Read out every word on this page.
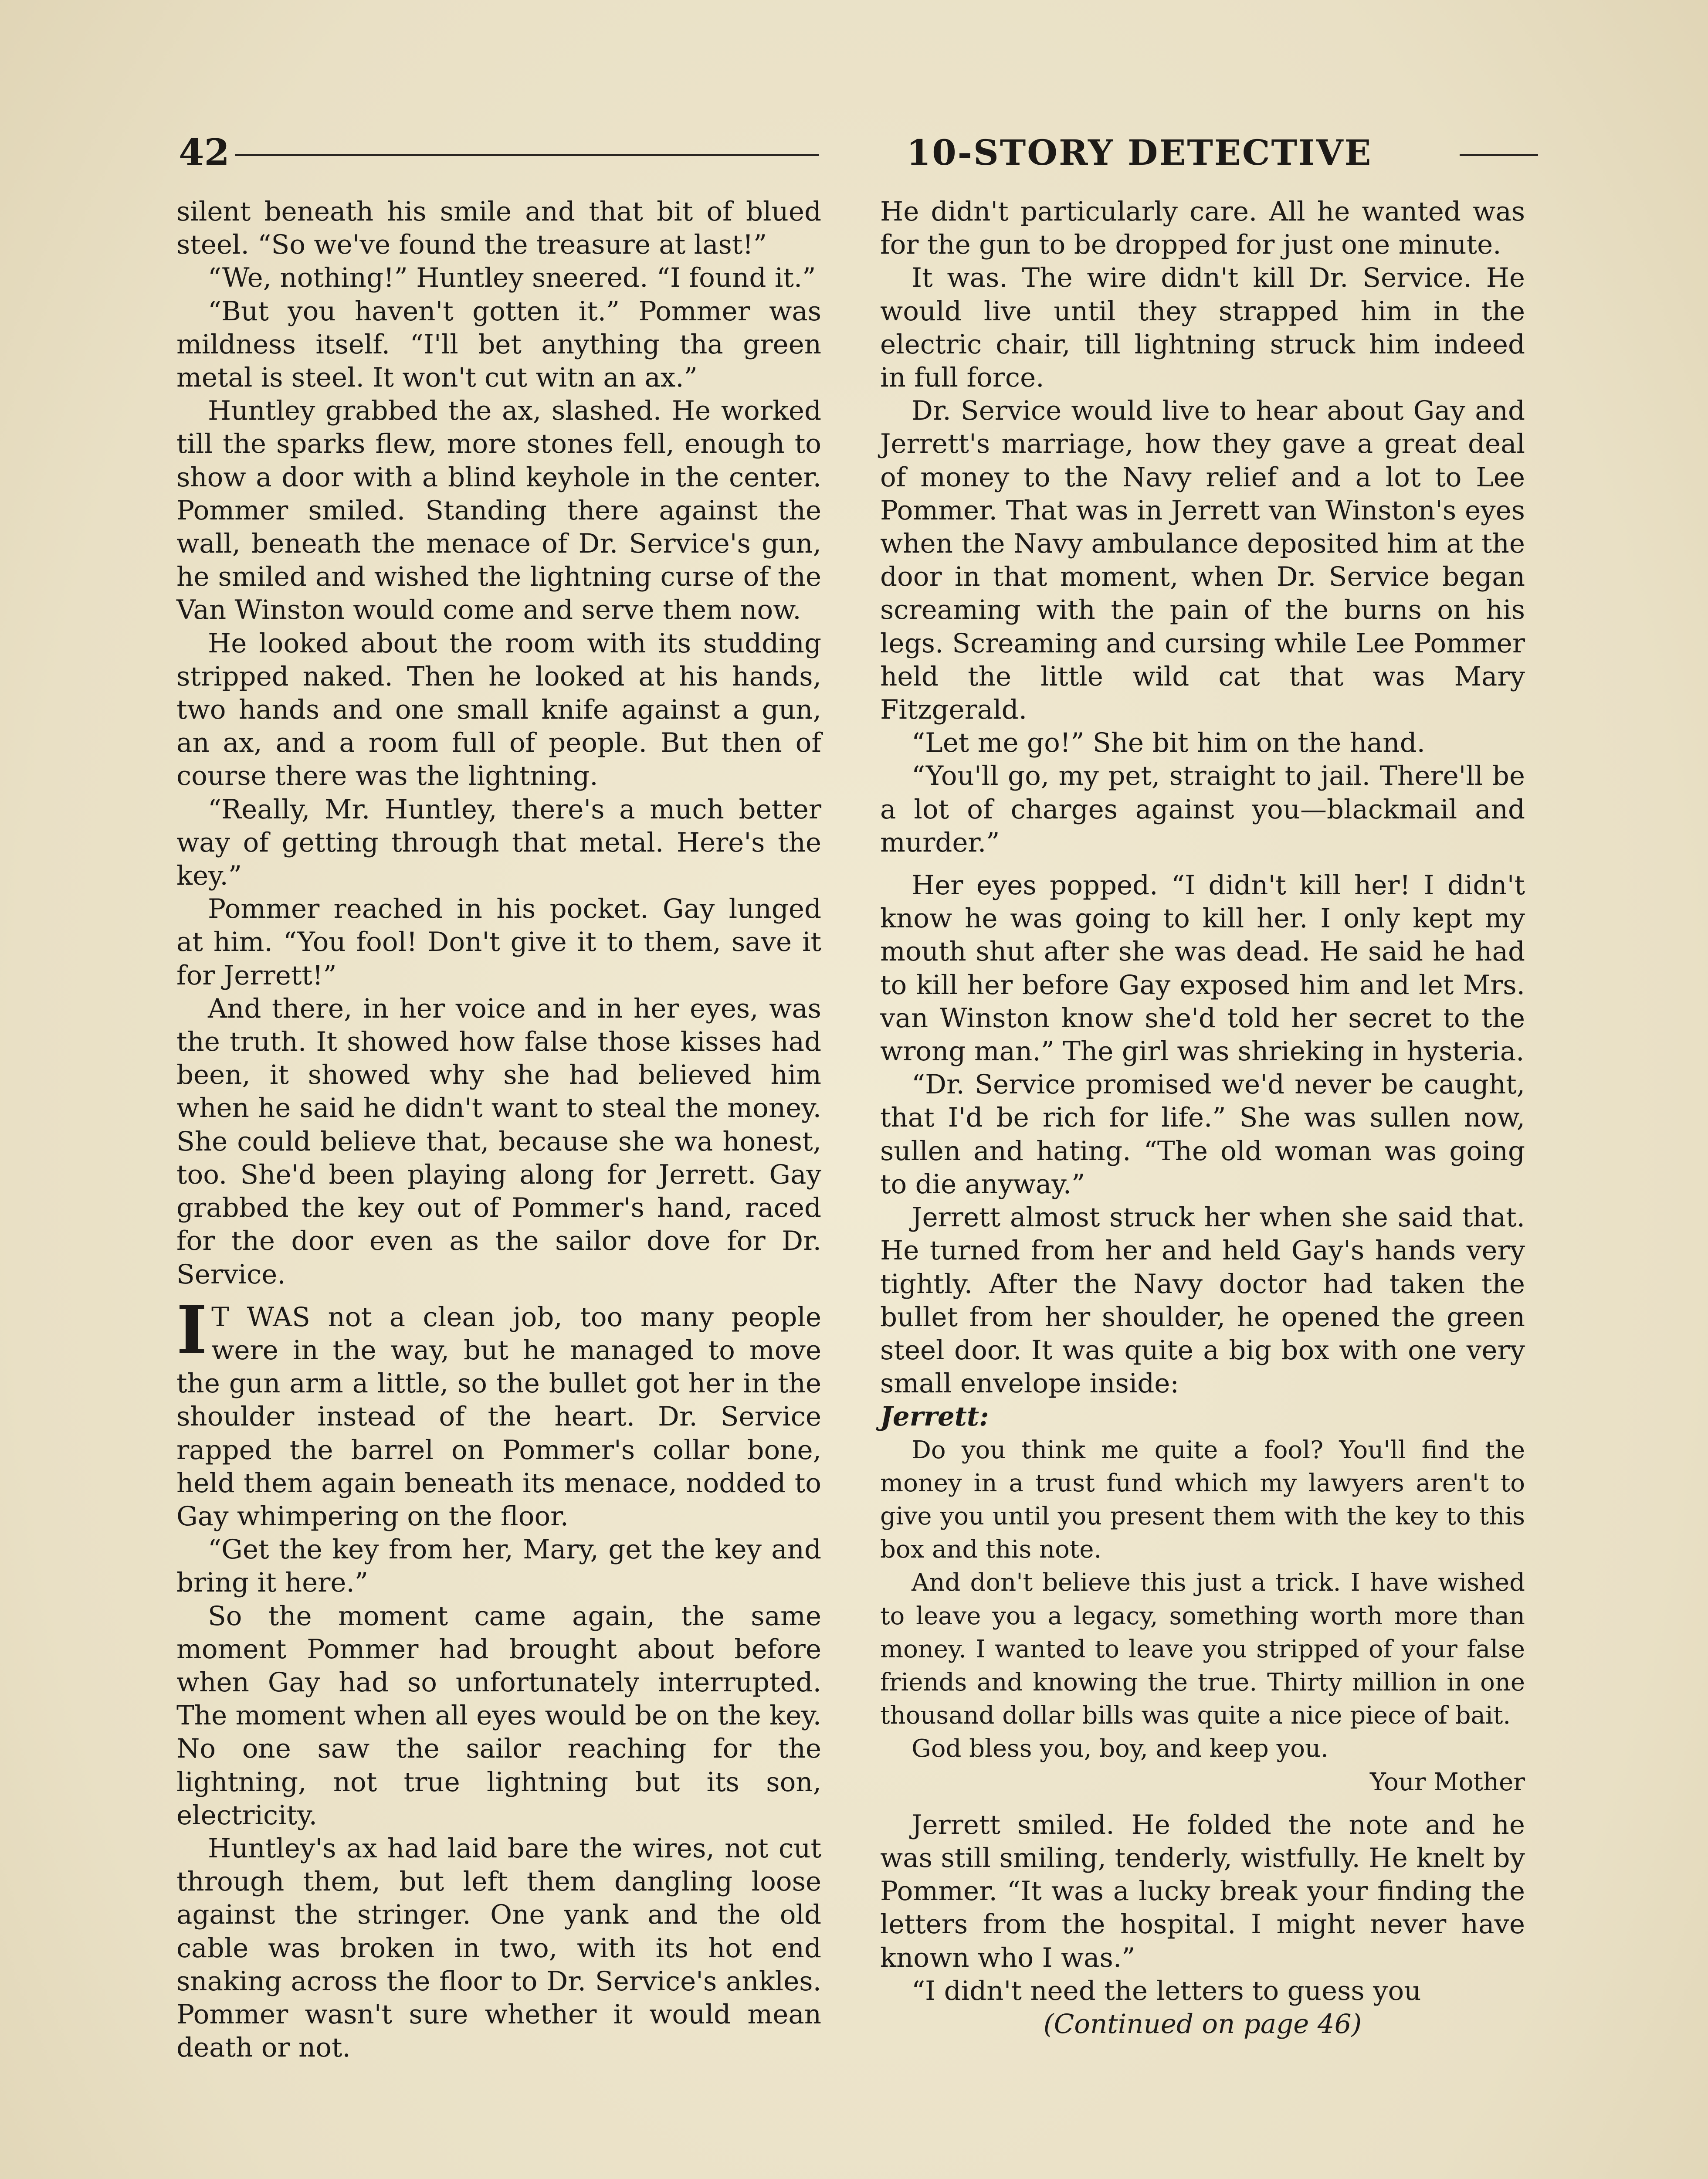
42	10-STORY DETECTIVE

silent beneath his smile and that bit of blued steel. “So we've found the treasure at last!”

“We, nothing!” Huntley sneered. “I found it.”

“But you haven't gotten it.” Pommer was mildness itself. “I'll bet anything tha green metal is steel. It won't cut witn an ax.”

Huntley grabbed the ax, slashed. He worked till the sparks flew, more stones fell, enough to show a door with a blind keyhole in the center. Pommer smiled. Standing there against the wall, beneath the menace of Dr. Service's gun, he smiled and wished the lightning curse of the Van Winston would come and serve them now.

He looked about the room with its studding stripped naked. Then he looked at his hands, two hands and one small knife against a gun, an ax, and a room full of people. But then of course there was the lightning.

“Really, Mr. Huntley, there's a much better way of getting through that metal. Here's the key.”

Pommer reached in his pocket. Gay lunged at him. “You fool! Don't give it to them, save it for Jerrett!”

And there, in her voice and in her eyes, was the truth. It showed how false those kisses had been, it showed why she had believed him when he said he didn't want to steal the money. She could believe that, because she wa honest, too. She'd been playing along for Jerrett. Gay grabbed the key out of Pommer's hand, raced for the door even as the sailor dove for Dr. Service.

I T WAS not a clean job, too many people were in the way, but he managed to move the gun arm a little, so the bullet got her in the shoulder instead of the heart. Dr. Service rapped the barrel on Pommer's collar bone, held them again beneath its menace, nodded to Gay whimpering on the floor.

“Get the key from her, Mary, get the key and bring it here.”

So the moment came again, the same moment Pommer had brought about before when Gay had so unfortunately interrupted. The moment when all eyes would be on the key. No one saw the sailor reaching for the lightning, not true lightning but its son, electricity.

Huntley's ax had laid bare the wires, not cut through them, but left them dangling loose against the stringer. One yank and the old cable was broken in two, with its hot end snaking across the floor to Dr. Service's ankles. Pommer wasn't sure whether it would mean death or not.

He didn't particularly care. All he wanted was for the gun to be dropped for just one minute.

It was. The wire didn't kill Dr. Service. He would live until they strapped him in the electric chair, till lightning struck him indeed in full force.

Dr. Service would live to hear about Gay and Jerrett's marriage, how they gave a great deal of money to the Navy relief and a lot to Lee Pommer. That was in Jerrett van Winston's eyes when the Navy ambulance deposited him at the door in that moment, when Dr. Service began screaming with the pain of the burns on his legs. Screaming and cursing while Lee Pommer held the little wild cat that was Mary Fitzgerald.

“Let me go!” She bit him on the hand.

“You'll go, my pet, straight to jail. There'll be a lot of charges against you—blackmail and murder.”

Her eyes popped. “I didn't kill her! I didn't know he was going to kill her. I only kept my mouth shut after she was dead. He said he had to kill her before Gay exposed him and let Mrs. van Winston know she'd told her secret to the wrong man.” The girl was shrieking in hysteria.

“Dr. Service promised we'd never be caught, that I'd be rich for life.” She was sullen now, sullen and hating. “The old woman was going to die anyway.”

Jerrett almost struck her when she said that. He turned from her and held Gay's hands very tightly. After the Navy doctor had taken the bullet from her shoulder, he opened the green steel door. It was quite a big box with one very small envelope inside:

Jerrett:

Do you think me quite a fool? You'll find the money in a trust fund which my lawyers aren't to give you until you present them with the key to this box and this note.

And don't believe this just a trick. I have wished to leave you a legacy, something worth more than money. I wanted to leave you stripped of your false friends and knowing the true. Thirty million in one thousand dollar bills was quite a nice piece of bait.

God bless you, boy, and keep you.

Your Mother

Jerrett smiled. He folded the note and he was still smiling, tenderly, wistfully. He knelt by Pommer. “It was a lucky break your finding the letters from the hospital. I might never have known who I was.”

“I didn't need the letters to guess you

(Continued on page 46)
